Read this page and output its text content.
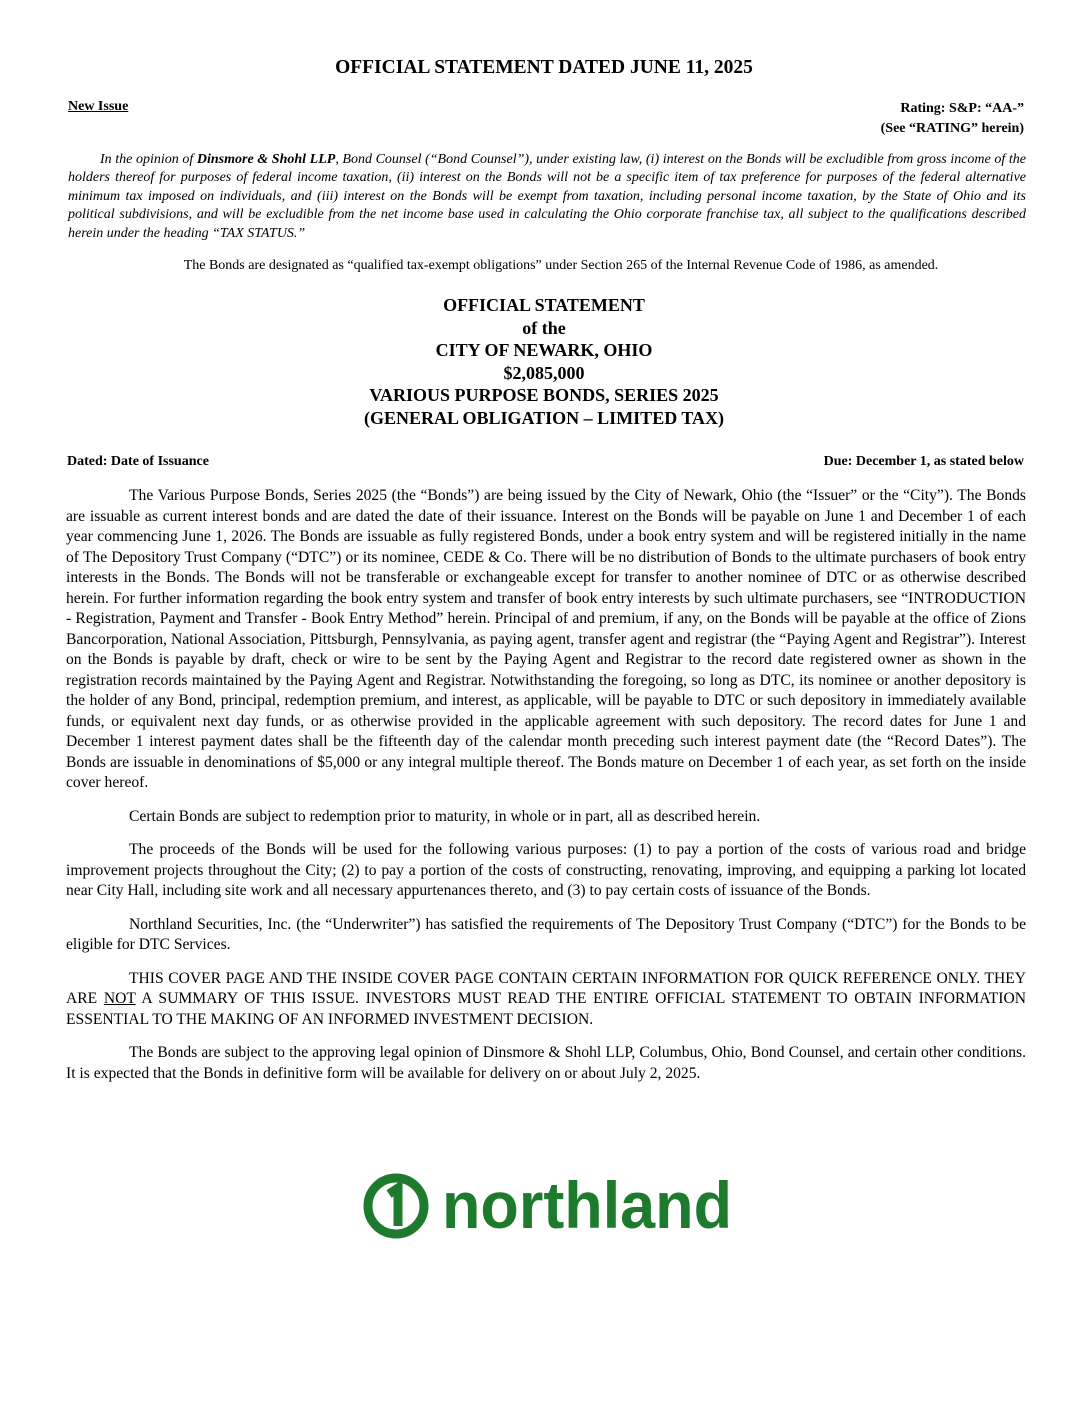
OFFICIAL STATEMENT DATED JUNE 11, 2025
New Issue	Rating: S&P: “AA-”
(See “RATING” herein)
In the opinion of Dinsmore & Shohl LLP, Bond Counsel (“Bond Counsel”), under existing law, (i) interest on the Bonds will be excludible from gross income of the holders thereof for purposes of federal income taxation, (ii) interest on the Bonds will not be a specific item of tax preference for purposes of the federal alternative minimum tax imposed on individuals, and (iii) interest on the Bonds will be exempt from taxation, including personal income taxation, by the State of Ohio and its political subdivisions, and will be excludible from the net income base used in calculating the Ohio corporate franchise tax, all subject to the qualifications described herein under the heading “TAX STATUS.”
The Bonds are designated as “qualified tax-exempt obligations” under Section 265 of the Internal Revenue Code of 1986, as amended.
OFFICIAL STATEMENT
of the
CITY OF NEWARK, OHIO
$2,085,000
VARIOUS PURPOSE BONDS, SERIES 2025
(GENERAL OBLIGATION – LIMITED TAX)
Dated: Date of Issuance	Due: December 1, as stated below

The Various Purpose Bonds, Series 2025 (the “Bonds”) are being issued by the City of Newark, Ohio (the “Issuer” or the “City”). The Bonds are issuable as current interest bonds and are dated the date of their issuance. Interest on the Bonds will be payable on June 1 and December 1 of each year commencing June 1, 2026. The Bonds are issuable as fully registered Bonds, under a book entry system and will be registered initially in the name of The Depository Trust Company (“DTC”) or its nominee, CEDE & Co. There will be no distribution of Bonds to the ultimate purchasers of book entry interests in the Bonds. The Bonds will not be transferable or exchangeable except for transfer to another nominee of DTC or as otherwise described herein. For further information regarding the book entry system and transfer of book entry interests by such ultimate purchasers, see “INTRODUCTION - Registration, Payment and Transfer - Book Entry Method” herein. Principal of and premium, if any, on the Bonds will be payable at the office of Zions Bancorporation, National Association, Pittsburgh, Pennsylvania, as paying agent, transfer agent and registrar (the “Paying Agent and Registrar”). Interest on the Bonds is payable by draft, check or wire to be sent by the Paying Agent and Registrar to the record date registered owner as shown in the registration records maintained by the Paying Agent and Registrar. Notwithstanding the foregoing, so long as DTC, its nominee or another depository is the holder of any Bond, principal, redemption premium, and interest, as applicable, will be payable to DTC or such depository in immediately available funds, or equivalent next day funds, or as otherwise provided in the applicable agreement with such depository. The record dates for June 1 and December 1 interest payment dates shall be the fifteenth day of the calendar month preceding such interest payment date (the “Record Dates”). The Bonds are issuable in denominations of $5,000 or any integral multiple thereof. The Bonds mature on December 1 of each year, as set forth on the inside cover hereof.

Certain Bonds are subject to redemption prior to maturity, in whole or in part, all as described herein.

The proceeds of the Bonds will be used for the following various purposes: (1) to pay a portion of the costs of various road and bridge improvement projects throughout the City; (2) to pay a portion of the costs of constructing, renovating, improving, and equipping a parking lot located near City Hall, including site work and all necessary appurtenances thereto, and (3) to pay certain costs of issuance of the Bonds.

Northland Securities, Inc. (the “Underwriter”) has satisfied the requirements of The Depository Trust Company (“DTC”) for the Bonds to be eligible for DTC Services.

THIS COVER PAGE AND THE INSIDE COVER PAGE CONTAIN CERTAIN INFORMATION FOR QUICK REFERENCE ONLY. THEY ARE NOT A SUMMARY OF THIS ISSUE. INVESTORS MUST READ THE ENTIRE OFFICIAL STATEMENT TO OBTAIN INFORMATION ESSENTIAL TO THE MAKING OF AN INFORMED INVESTMENT DECISION.

The Bonds are subject to the approving legal opinion of Dinsmore & Shohl LLP, Columbus, Ohio, Bond Counsel, and certain other conditions. It is expected that the Bonds in definitive form will be available for delivery on or about July 2, 2025.

northland
